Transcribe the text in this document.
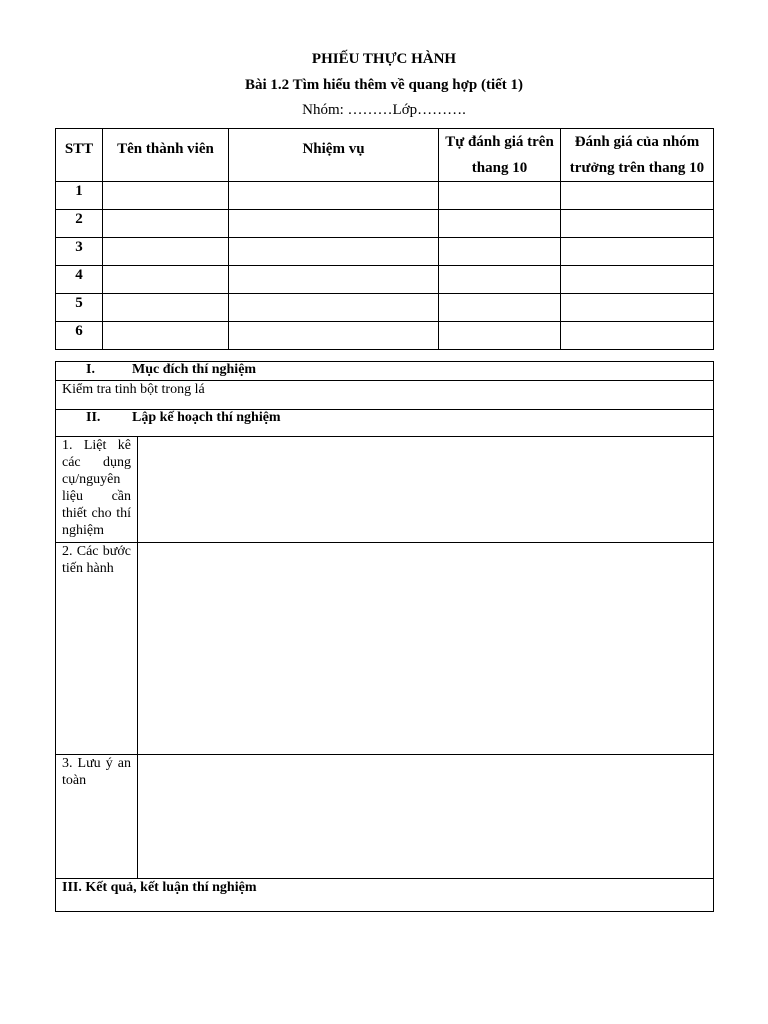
PHIẾU THỰC HÀNH
Bài 1.2 Tìm hiểu thêm về quang hợp (tiết 1)
Nhóm: ………Lớp……….
STT	Tên thành viên	Nhiệm vụ	Tự đánh giá trên thang 10	Đánh giá của nhóm trưởng trên thang 10
1				
2				
3				
4				
5				
6				
I. Mục đích thí nghiệm	
Kiểm tra tinh bột trong lá	
II. Lập kế hoạch thí nghiệm	
1. Liệt kê các dụng cụ/nguyên liệu cần thiết cho thí nghiệm	
2. Các bước tiến hành	
3. Lưu ý an toàn	
III. Kết quả, kết luận thí nghiệm	
